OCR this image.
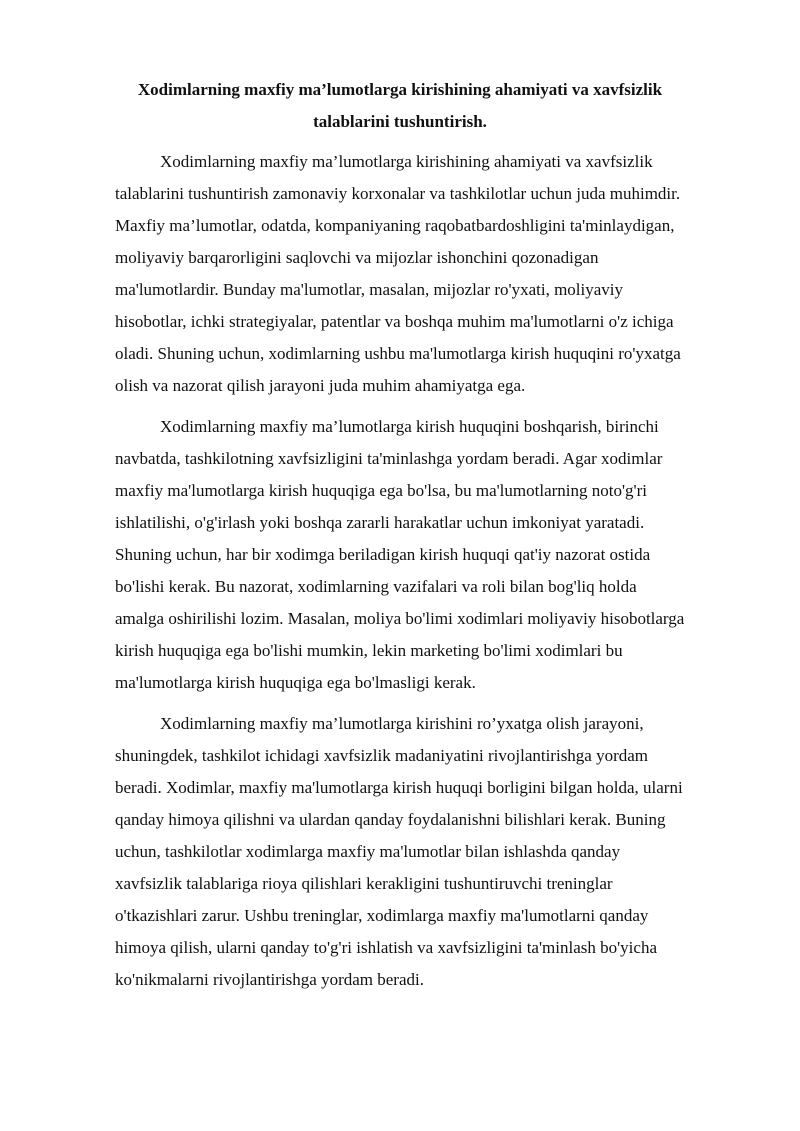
Xodimlarning maxfiy ma’lumotlarga kirishining ahamiyati va xavfsizlik talablarini tushuntirish.

Xodimlarning maxfiy ma’lumotlarga kirishining ahamiyati va xavfsizlik talablarini tushuntirish zamonaviy korxonalar va tashkilotlar uchun juda muhimdir. Maxfiy ma’lumotlar, odatda, kompaniyaning raqobatbardoshligini ta'minlaydigan, moliyaviy barqarorligini saqlovchi va mijozlar ishonchini qozonadigan ma'lumotlardir. Bunday ma'lumotlar, masalan, mijozlar ro'yxati, moliyaviy hisobotlar, ichki strategiyalar, patentlar va boshqa muhim ma'lumotlarni o'z ichiga oladi. Shuning uchun, xodimlarning ushbu ma'lumotlarga kirish huquqini ro'yxatga olish va nazorat qilish jarayoni juda muhim ahamiyatga ega.

Xodimlarning maxfiy ma’lumotlarga kirish huquqini boshqarish, birinchi navbatda, tashkilotning xavfsizligini ta'minlashga yordam beradi. Agar xodimlar maxfiy ma'lumotlarga kirish huquqiga ega bo'lsa, bu ma'lumotlarning noto'g'ri ishlatilishi, o'g'irlash yoki boshqa zararli harakatlar uchun imkoniyat yaratadi. Shuning uchun, har bir xodimga beriladigan kirish huquqi qat'iy nazorat ostida bo'lishi kerak. Bu nazorat, xodimlarning vazifalari va roli bilan bog'liq holda amalga oshirilishi lozim. Masalan, moliya bo'limi xodimlari moliyaviy hisobotlarga kirish huquqiga ega bo'lishi mumkin, lekin marketing bo'limi xodimlari bu ma'lumotlarga kirish huquqiga ega bo'lmasligi kerak.

Xodimlarning maxfiy ma’lumotlarga kirishini ro’yxatga olish jarayoni, shuningdek, tashkilot ichidagi xavfsizlik madaniyatini rivojlantirishga yordam beradi. Xodimlar, maxfiy ma'lumotlarga kirish huquqi borligini bilgan holda, ularni qanday himoya qilishni va ulardan qanday foydalanishni bilishlari kerak. Buning uchun, tashkilotlar xodimlarga maxfiy ma'lumotlar bilan ishlashda qanday xavfsizlik talablariga rioya qilishlari kerakligini tushuntiruvchi treninglar o'tkazishlari zarur. Ushbu treninglar, xodimlarga maxfiy ma'lumotlarni qanday himoya qilish, ularni qanday to'g'ri ishlatish va xavfsizligini ta'minlash bo'yicha ko'nikmalarni rivojlantirishga yordam beradi.
